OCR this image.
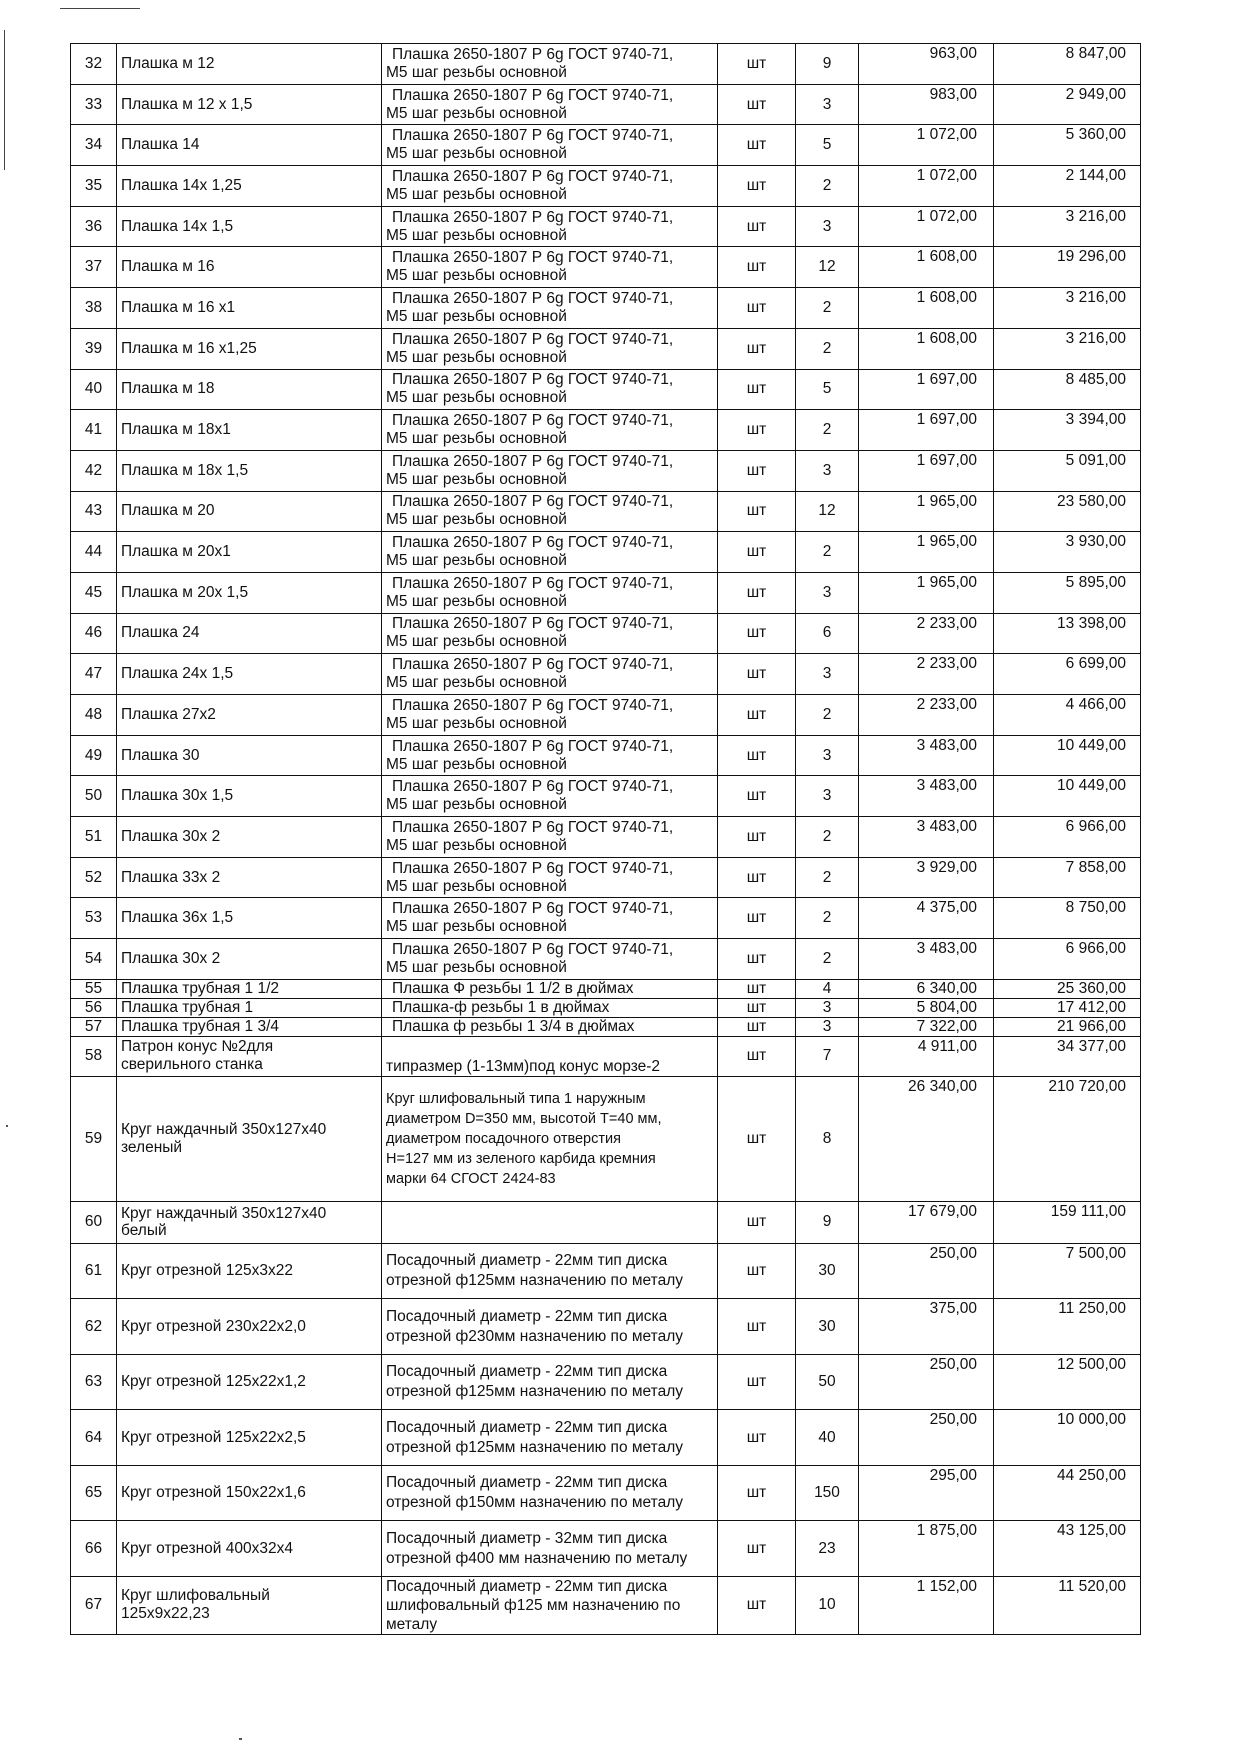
32	Плашка м 12	Плашка 2650-1807 Р 6g ГОСТ 9740-71,
М5 шаг резьбы основной	шт	9	963,00	8 847,00
33	Плашка м 12 х 1,5	Плашка 2650-1807 Р 6g ГОСТ 9740-71,
М5 шаг резьбы основной	шт	3	983,00	2 949,00
34	Плашка 14	Плашка 2650-1807 Р 6g ГОСТ 9740-71,
М5 шаг резьбы основной	шт	5	1 072,00	5 360,00
35	Плашка 14х 1,25	Плашка 2650-1807 Р 6g ГОСТ 9740-71,
М5 шаг резьбы основной	шт	2	1 072,00	2 144,00
36	Плашка 14х 1,5	Плашка 2650-1807 Р 6g ГОСТ 9740-71,
М5 шаг резьбы основной	шт	3	1 072,00	3 216,00
37	Плашка м 16	Плашка 2650-1807 Р 6g ГОСТ 9740-71,
М5 шаг резьбы основной	шт	12	1 608,00	19 296,00
38	Плашка м 16 х1	Плашка 2650-1807 Р 6g ГОСТ 9740-71,
М5 шаг резьбы основной	шт	2	1 608,00	3 216,00
39	Плашка м 16 х1,25	Плашка 2650-1807 Р 6g ГОСТ 9740-71,
М5 шаг резьбы основной	шт	2	1 608,00	3 216,00
40	Плашка м 18	Плашка 2650-1807 Р 6g ГОСТ 9740-71,
М5 шаг резьбы основной	шт	5	1 697,00	8 485,00
41	Плашка м 18х1	Плашка 2650-1807 Р 6g ГОСТ 9740-71,
М5 шаг резьбы основной	шт	2	1 697,00	3 394,00
42	Плашка м 18х 1,5	Плашка 2650-1807 Р 6g ГОСТ 9740-71,
М5 шаг резьбы основной	шт	3	1 697,00	5 091,00
43	Плашка м 20	Плашка 2650-1807 Р 6g ГОСТ 9740-71,
М5 шаг резьбы основной	шт	12	1 965,00	23 580,00
44	Плашка м 20х1	Плашка 2650-1807 Р 6g ГОСТ 9740-71,
М5 шаг резьбы основной	шт	2	1 965,00	3 930,00
45	Плашка м 20х 1,5	Плашка 2650-1807 Р 6g ГОСТ 9740-71,
М5 шаг резьбы основной	шт	3	1 965,00	5 895,00
46	Плашка 24	Плашка 2650-1807 Р 6g ГОСТ 9740-71,
М5 шаг резьбы основной	шт	6	2 233,00	13 398,00
47	Плашка 24х 1,5	Плашка 2650-1807 Р 6g ГОСТ 9740-71,
М5 шаг резьбы основной	шт	3	2 233,00	6 699,00
48	Плашка 27х2	Плашка 2650-1807 Р 6g ГОСТ 9740-71,
М5 шаг резьбы основной	шт	2	2 233,00	4 466,00
49	Плашка 30	Плашка 2650-1807 Р 6g ГОСТ 9740-71,
М5 шаг резьбы основной	шт	3	3 483,00	10 449,00
50	Плашка 30х 1,5	Плашка 2650-1807 Р 6g ГОСТ 9740-71,
М5 шаг резьбы основной	шт	3	3 483,00	10 449,00
51	Плашка 30х 2	Плашка 2650-1807 Р 6g ГОСТ 9740-71,
М5 шаг резьбы основной	шт	2	3 483,00	6 966,00
52	Плашка 33х 2	Плашка 2650-1807 Р 6g ГОСТ 9740-71,
М5 шаг резьбы основной	шт	2	3 929,00	7 858,00
53	Плашка 36х 1,5	Плашка 2650-1807 Р 6g ГОСТ 9740-71,
М5 шаг резьбы основной	шт	2	4 375,00	8 750,00
54	Плашка 30х 2	Плашка 2650-1807 Р 6g ГОСТ 9740-71,
М5 шаг резьбы основной	шт	2	3 483,00	6 966,00
55	Плашка трубная 1 1/2	Плашка Ф резьбы 1 1/2 в дюймах	шт	4	6 340,00	25 360,00
56	Плашка трубная 1	Плашка-ф резьбы 1 в дюймах	шт	3	5 804,00	17 412,00
57	Плашка трубная 1 3/4	Плашка ф резьбы 1 3/4 в дюймах	шт	3	7 322,00	21 966,00
58	Патрон конус №2для
сверильного станка	типразмер (1-13мм)под конус морзе-2	шт	7	4 911,00	34 377,00
59	Круг наждачный 350х127х40
зеленый	Круг шлифовальный типа 1 наружным
диаметром D=350 мм, высотой T=40 мм,
диаметром посадочного отверстия
H=127 мм из зеленого карбида кремния
марки 64 СГОСТ 2424-83	шт	8	26 340,00	210 720,00
60	Круг наждачный 350х127х40
белый		шт	9	17 679,00	159 111,00
61	Круг отрезной 125х3х22	Посадочный диаметр - 22мм тип диска
отрезной ф125мм назначению по металу	шт	30	250,00	7 500,00
62	Круг отрезной 230х22х2,0	Посадочный диаметр - 22мм тип диска
отрезной ф230мм назначению по металу	шт	30	375,00	11 250,00
63	Круг отрезной 125х22х1,2	Посадочный диаметр - 22мм тип диска
отрезной ф125мм назначению по металу	шт	50	250,00	12 500,00
64	Круг отрезной 125х22х2,5	Посадочный диаметр - 22мм тип диска
отрезной ф125мм назначению по металу	шт	40	250,00	10 000,00
65	Круг отрезной 150х22х1,6	Посадочный диаметр - 22мм тип диска
отрезной ф150мм назначению по металу	шт	150	295,00	44 250,00
66	Круг отрезной 400х32х4	Посадочный диаметр - 32мм тип диска
отрезной ф400 мм назначению по металу	шт	23	1 875,00	43 125,00
67	Круг шлифовальный
125х9х22,23	Посадочный диаметр - 22мм тип диска
шлифовальный ф125 мм назначению по
металу	шт	10	1 152,00	11 520,00
